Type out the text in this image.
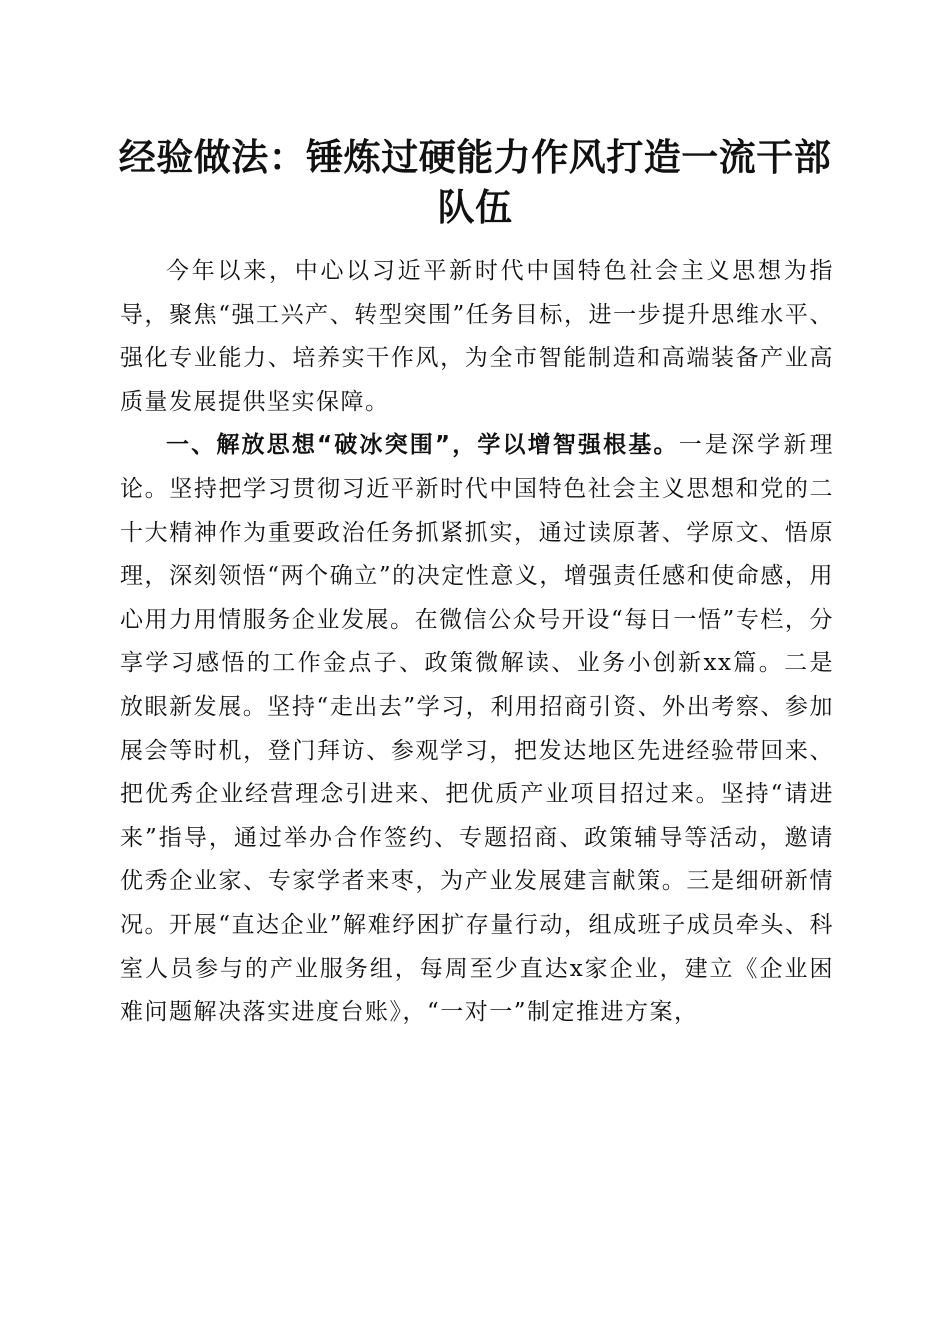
经验做法：锤炼过硬能力作风打造一流干部队伍

今年以来，中心以习近平新时代中国特色社会主义思想为指导，聚焦“强工兴产、转型突围”任务目标，进一步提升思维水平、强化专业能力、培养实干作风，为全市智能制造和高端装备产业高质量发展提供坚实保障。

一、解放思想“破冰突围”，学以增智强根基。一是深学新理论。坚持把学习贯彻习近平新时代中国特色社会主义思想和党的二十大精神作为重要政治任务抓紧抓实，通过读原著、学原文、悟原理，深刻领悟“两个确立”的决定性意义，增强责任感和使命感，用心用力用情服务企业发展。在微信公众号开设“每日一悟”专栏，分享学习感悟的工作金点子、政策微解读、业务小创新xx篇。二是放眼新发展。坚持“走出去”学习，利用招商引资、外出考察、参加展会等时机，登门拜访、参观学习，把发达地区先进经验带回来、把优秀企业经营理念引进来、把优质产业项目招过来。坚持“请进来”指导，通过举办合作签约、专题招商、政策辅导等活动，邀请优秀企业家、专家学者来枣，为产业发展建言献策。三是细研新情况。开展“直达企业”解难纾困扩存量行动，组成班子成员牵头、科室人员参与的产业服务组，每周至少直达x家企业，建立《企业困难问题解决落实进度台账》，“一对一”制定推进方案，
